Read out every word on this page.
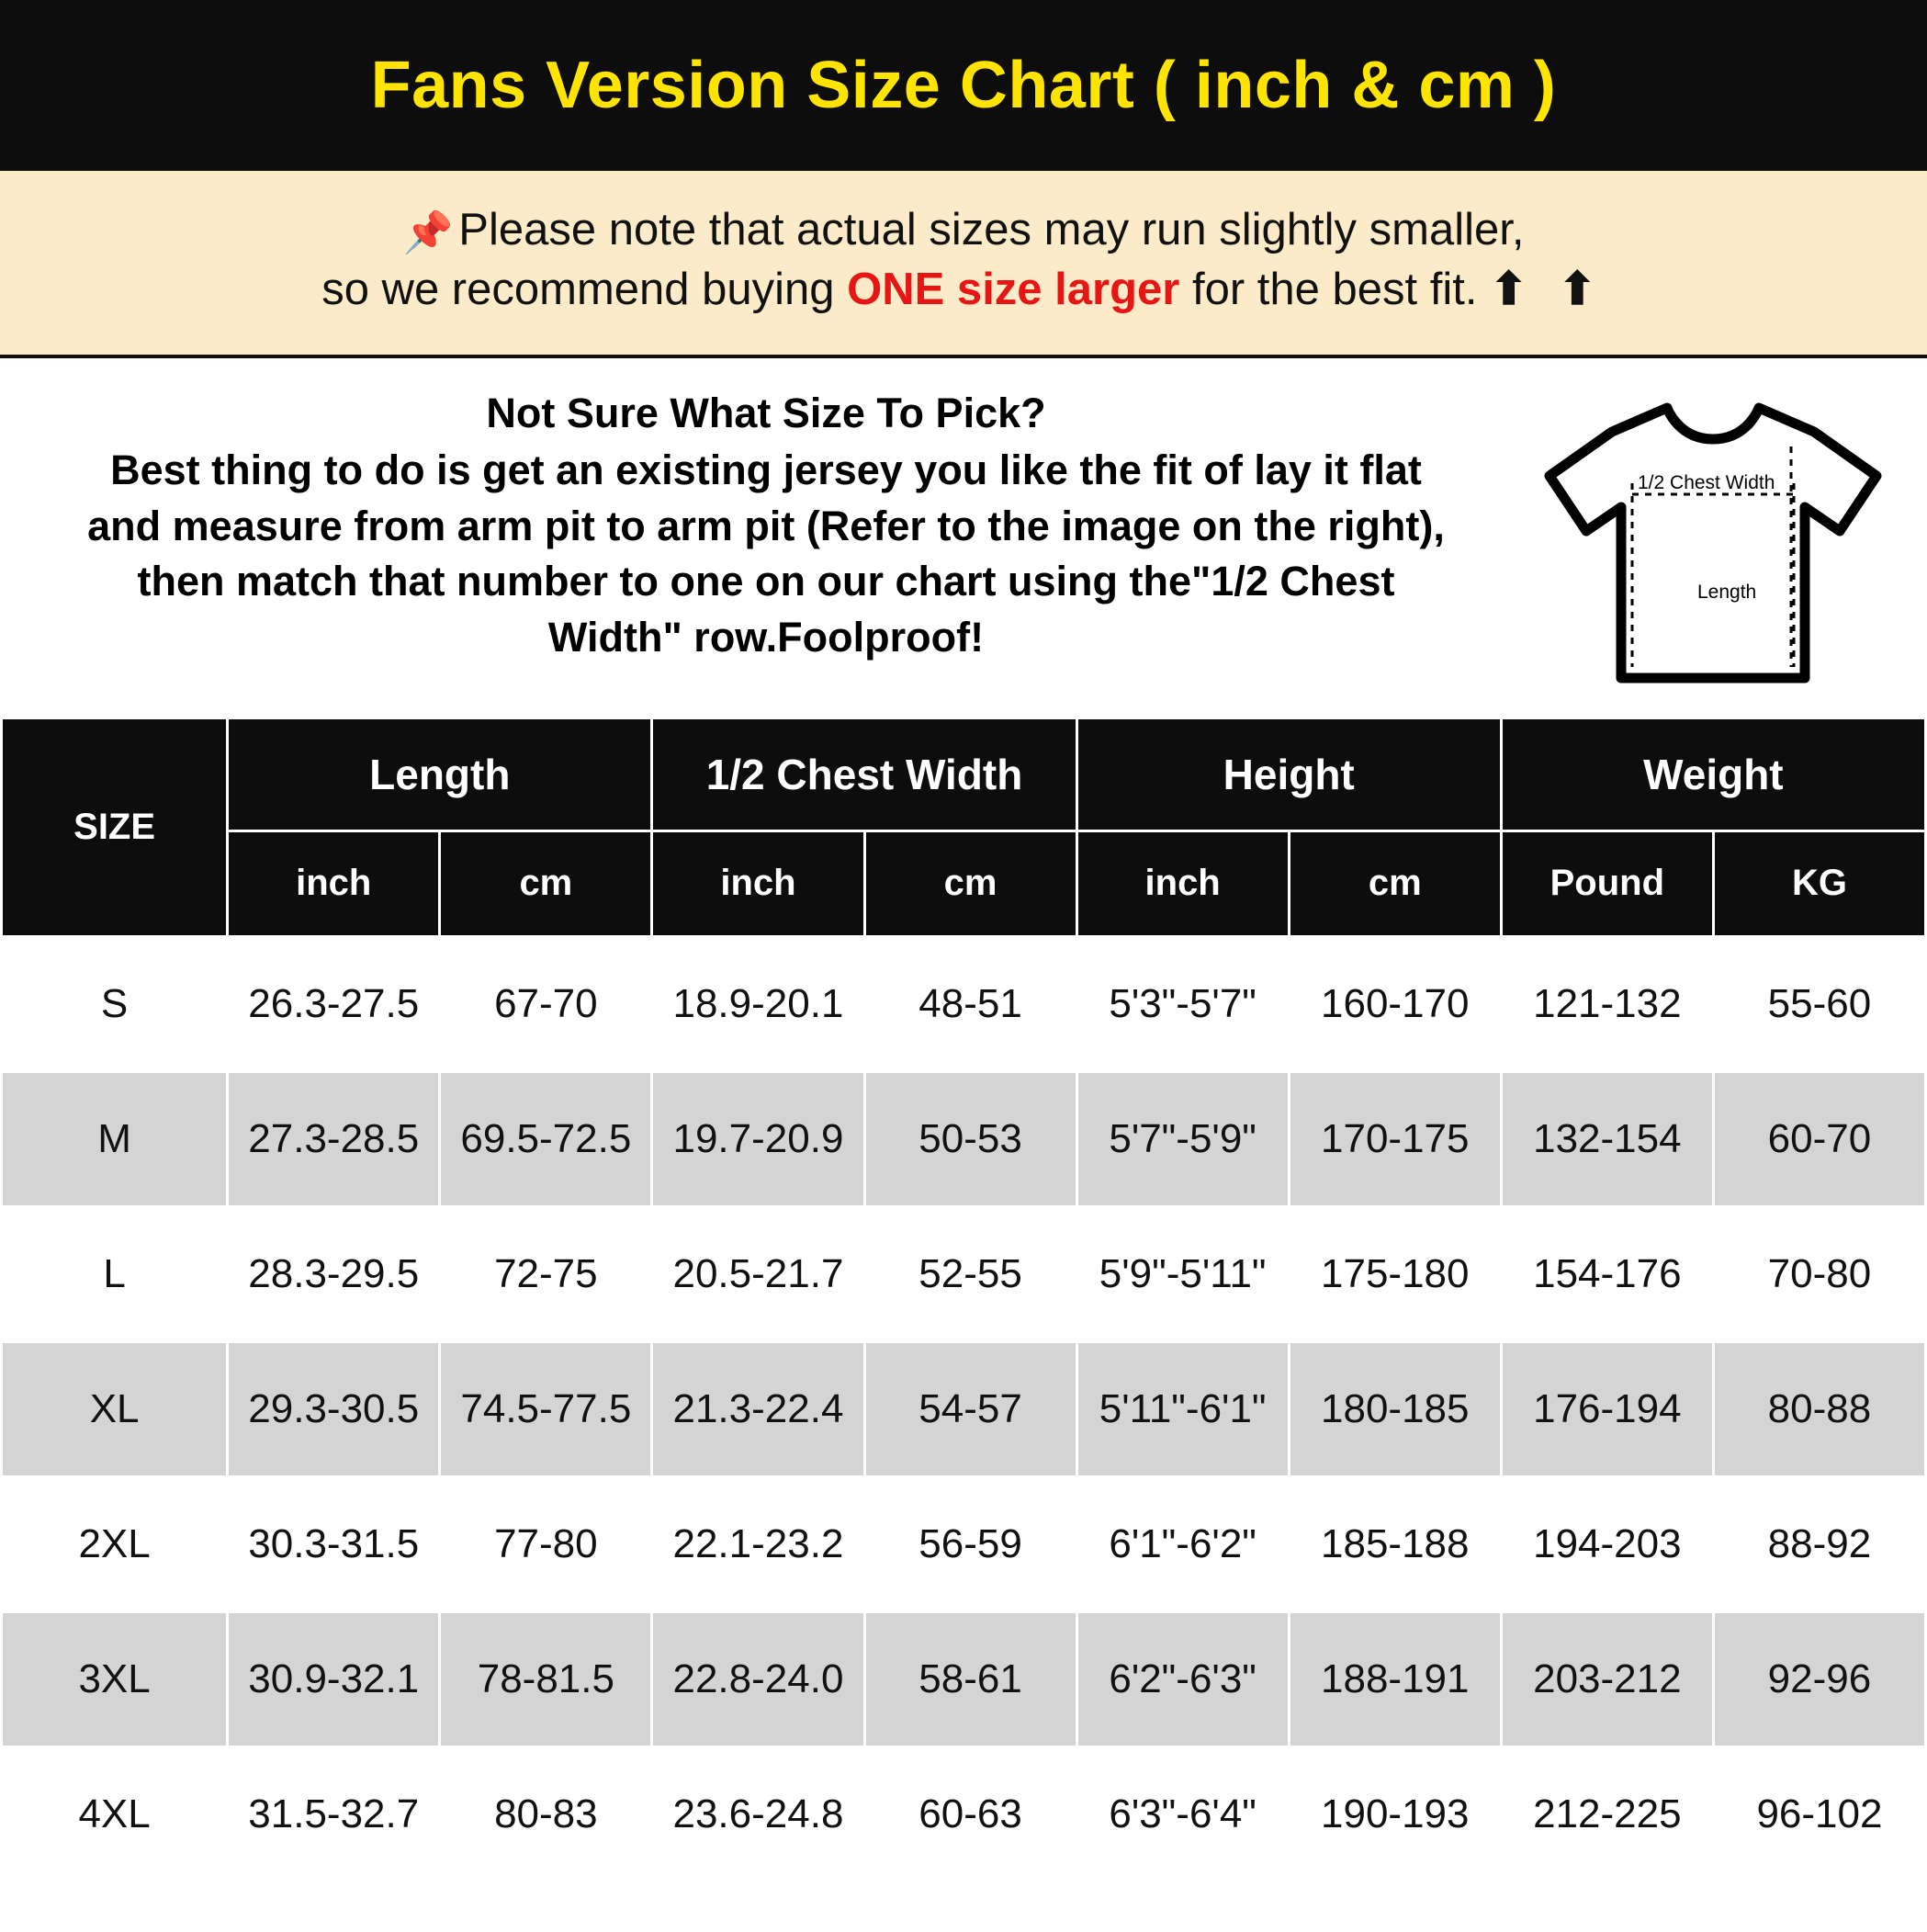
Fans Version Size Chart ( inch & cm )
📌 Please note that actual sizes may run slightly smaller,
so we recommend buying ONE size larger for the best fit. ⬆ ⬆
Not Sure What Size To Pick?
Best thing to do is get an existing jersey you like the fit of lay it flat
and measure from arm pit to arm pit (Refer to the image on the right),
then match that number to one on our chart using the"1/2 Chest
Width" row.Foolproof!
1/2 Chest Width
Length
SIZE	Length		1/2 Chest Width		Height		Weight	
	inch	cm	inch	cm	inch	cm	Pound	KG
S	26.3-27.5	67-70	18.9-20.1	48-51	5'3"-5'7"	160-170	121-132	55-60
M	27.3-28.5	69.5-72.5	19.7-20.9	50-53	5'7"-5'9"	170-175	132-154	60-70
L	28.3-29.5	72-75	20.5-21.7	52-55	5'9"-5'11"	175-180	154-176	70-80
XL	29.3-30.5	74.5-77.5	21.3-22.4	54-57	5'11"-6'1"	180-185	176-194	80-88
2XL	30.3-31.5	77-80	22.1-23.2	56-59	6'1"-6'2"	185-188	194-203	88-92
3XL	30.9-32.1	78-81.5	22.8-24.0	58-61	6'2"-6'3"	188-191	203-212	92-96
4XL	31.5-32.7	80-83	23.6-24.8	60-63	6'3"-6'4"	190-193	212-225	96-102
